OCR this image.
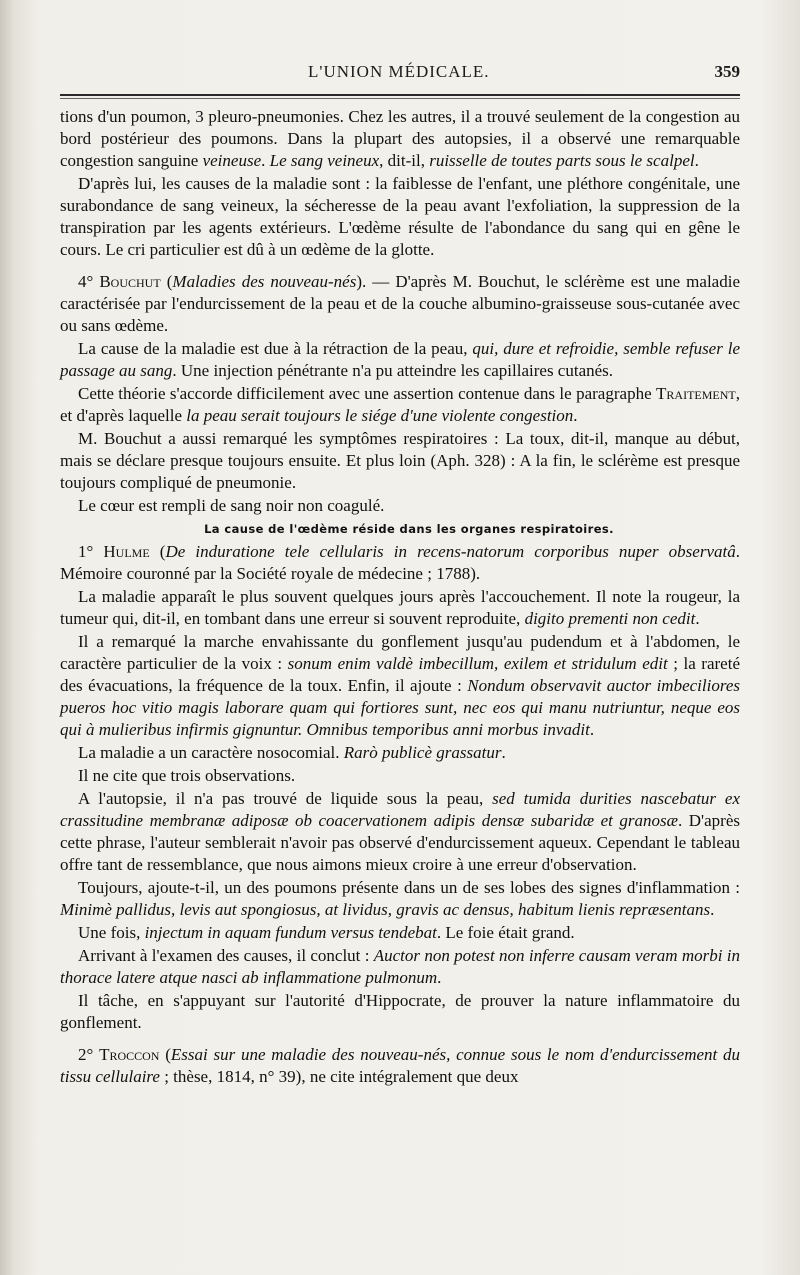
L'UNION MÉDICALE.	359

tions d'un poumon, 3 pleuro-pneumonies. Chez les autres, il a trouvé seulement de la congestion au bord postérieur des poumons. Dans la plupart des autopsies, il a observé une remarquable congestion sanguine veineuse. Le sang veineux, dit-il, ruisselle de toutes parts sous le scalpel.

D'après lui, les causes de la maladie sont : la faiblesse de l'enfant, une pléthore congénitale, une surabondance de sang veineux, la sécheresse de la peau avant l'exfoliation, la suppression de la transpiration par les agents extérieurs. L'œdème résulte de l'abondance du sang qui en gêne le cours. Le cri particulier est dû à un œdème de la glotte.

4° Bouchut (Maladies des nouveau-nés). — D'après M. Bouchut, le sclérème est une maladie caractérisée par l'endurcissement de la peau et de la couche albumino-graisseuse sous-cutanée avec ou sans œdème.

La cause de la maladie est due à la rétraction de la peau, qui, dure et refroidie, semble refuser le passage au sang. Une injection pénétrante n'a pu atteindre les capillaires cutanés.

Cette théorie s'accorde difficilement avec une assertion contenue dans le paragraphe Traitement, et d'après laquelle la peau serait toujours le siége d'une violente congestion.

M. Bouchut a aussi remarqué les symptômes respiratoires : La toux, dit-il, manque au début, mais se déclare presque toujours ensuite. Et plus loin (Aph. 328) : A la fin, le sclérème est presque toujours compliqué de pneumonie.

Le cœur est rempli de sang noir non coagulé.

La cause de l'œdème réside dans les organes respiratoires.

1° Hulme (De induratione tele cellularis in recens-natorum corporibus nuper observatâ. Mémoire couronné par la Société royale de médecine ; 1788).

La maladie apparaît le plus souvent quelques jours après l'accouchement. Il note la rougeur, la tumeur qui, dit-il, en tombant dans une erreur si souvent reproduite, digito prementi non cedit.

Il a remarqué la marche envahissante du gonflement jusqu'au pudendum et à l'abdomen, le caractère particulier de la voix : sonum enim valdè imbecillum, exilem et stridulum edit ; la rareté des évacuations, la fréquence de la toux. Enfin, il ajoute : Nondum observavit auctor imbeciliores pueros hoc vitio magis laborare quam qui fortiores sunt, nec eos qui manu nutriuntur, neque eos qui à mulieribus infirmis gignuntur. Omnibus temporibus anni morbus invadit.

La maladie a un caractère nosocomial. Rarò publicè grassatur.

Il ne cite que trois observations.

A l'autopsie, il n'a pas trouvé de liquide sous la peau, sed tumida durities nascebatur ex crassitudine membranæ adiposæ ob coacervationem adipis densæ subaridæ et granosæ. D'après cette phrase, l'auteur semblerait n'avoir pas observé d'endurcissement aqueux. Cependant le tableau offre tant de ressemblance, que nous aimons mieux croire à une erreur d'observation.

Toujours, ajoute-t-il, un des poumons présente dans un de ses lobes des signes d'inflammation : Minimè pallidus, levis aut spongiosus, at lividus, gravis ac densus, habitum lienis repræsentans.

Une fois, injectum in aquam fundum versus tendebat. Le foie était grand.

Arrivant à l'examen des causes, il conclut : Auctor non potest non inferre causam veram morbi in thorace latere atque nasci ab inflammatione pulmonum.

Il tâche, en s'appuyant sur l'autorité d'Hippocrate, de prouver la nature inflammatoire du gonflement.

2° Troccon (Essai sur une maladie des nouveau-nés, connue sous le nom d'endurcissement du tissu cellulaire ; thèse, 1814, n° 39), ne cite intégralement que deux
